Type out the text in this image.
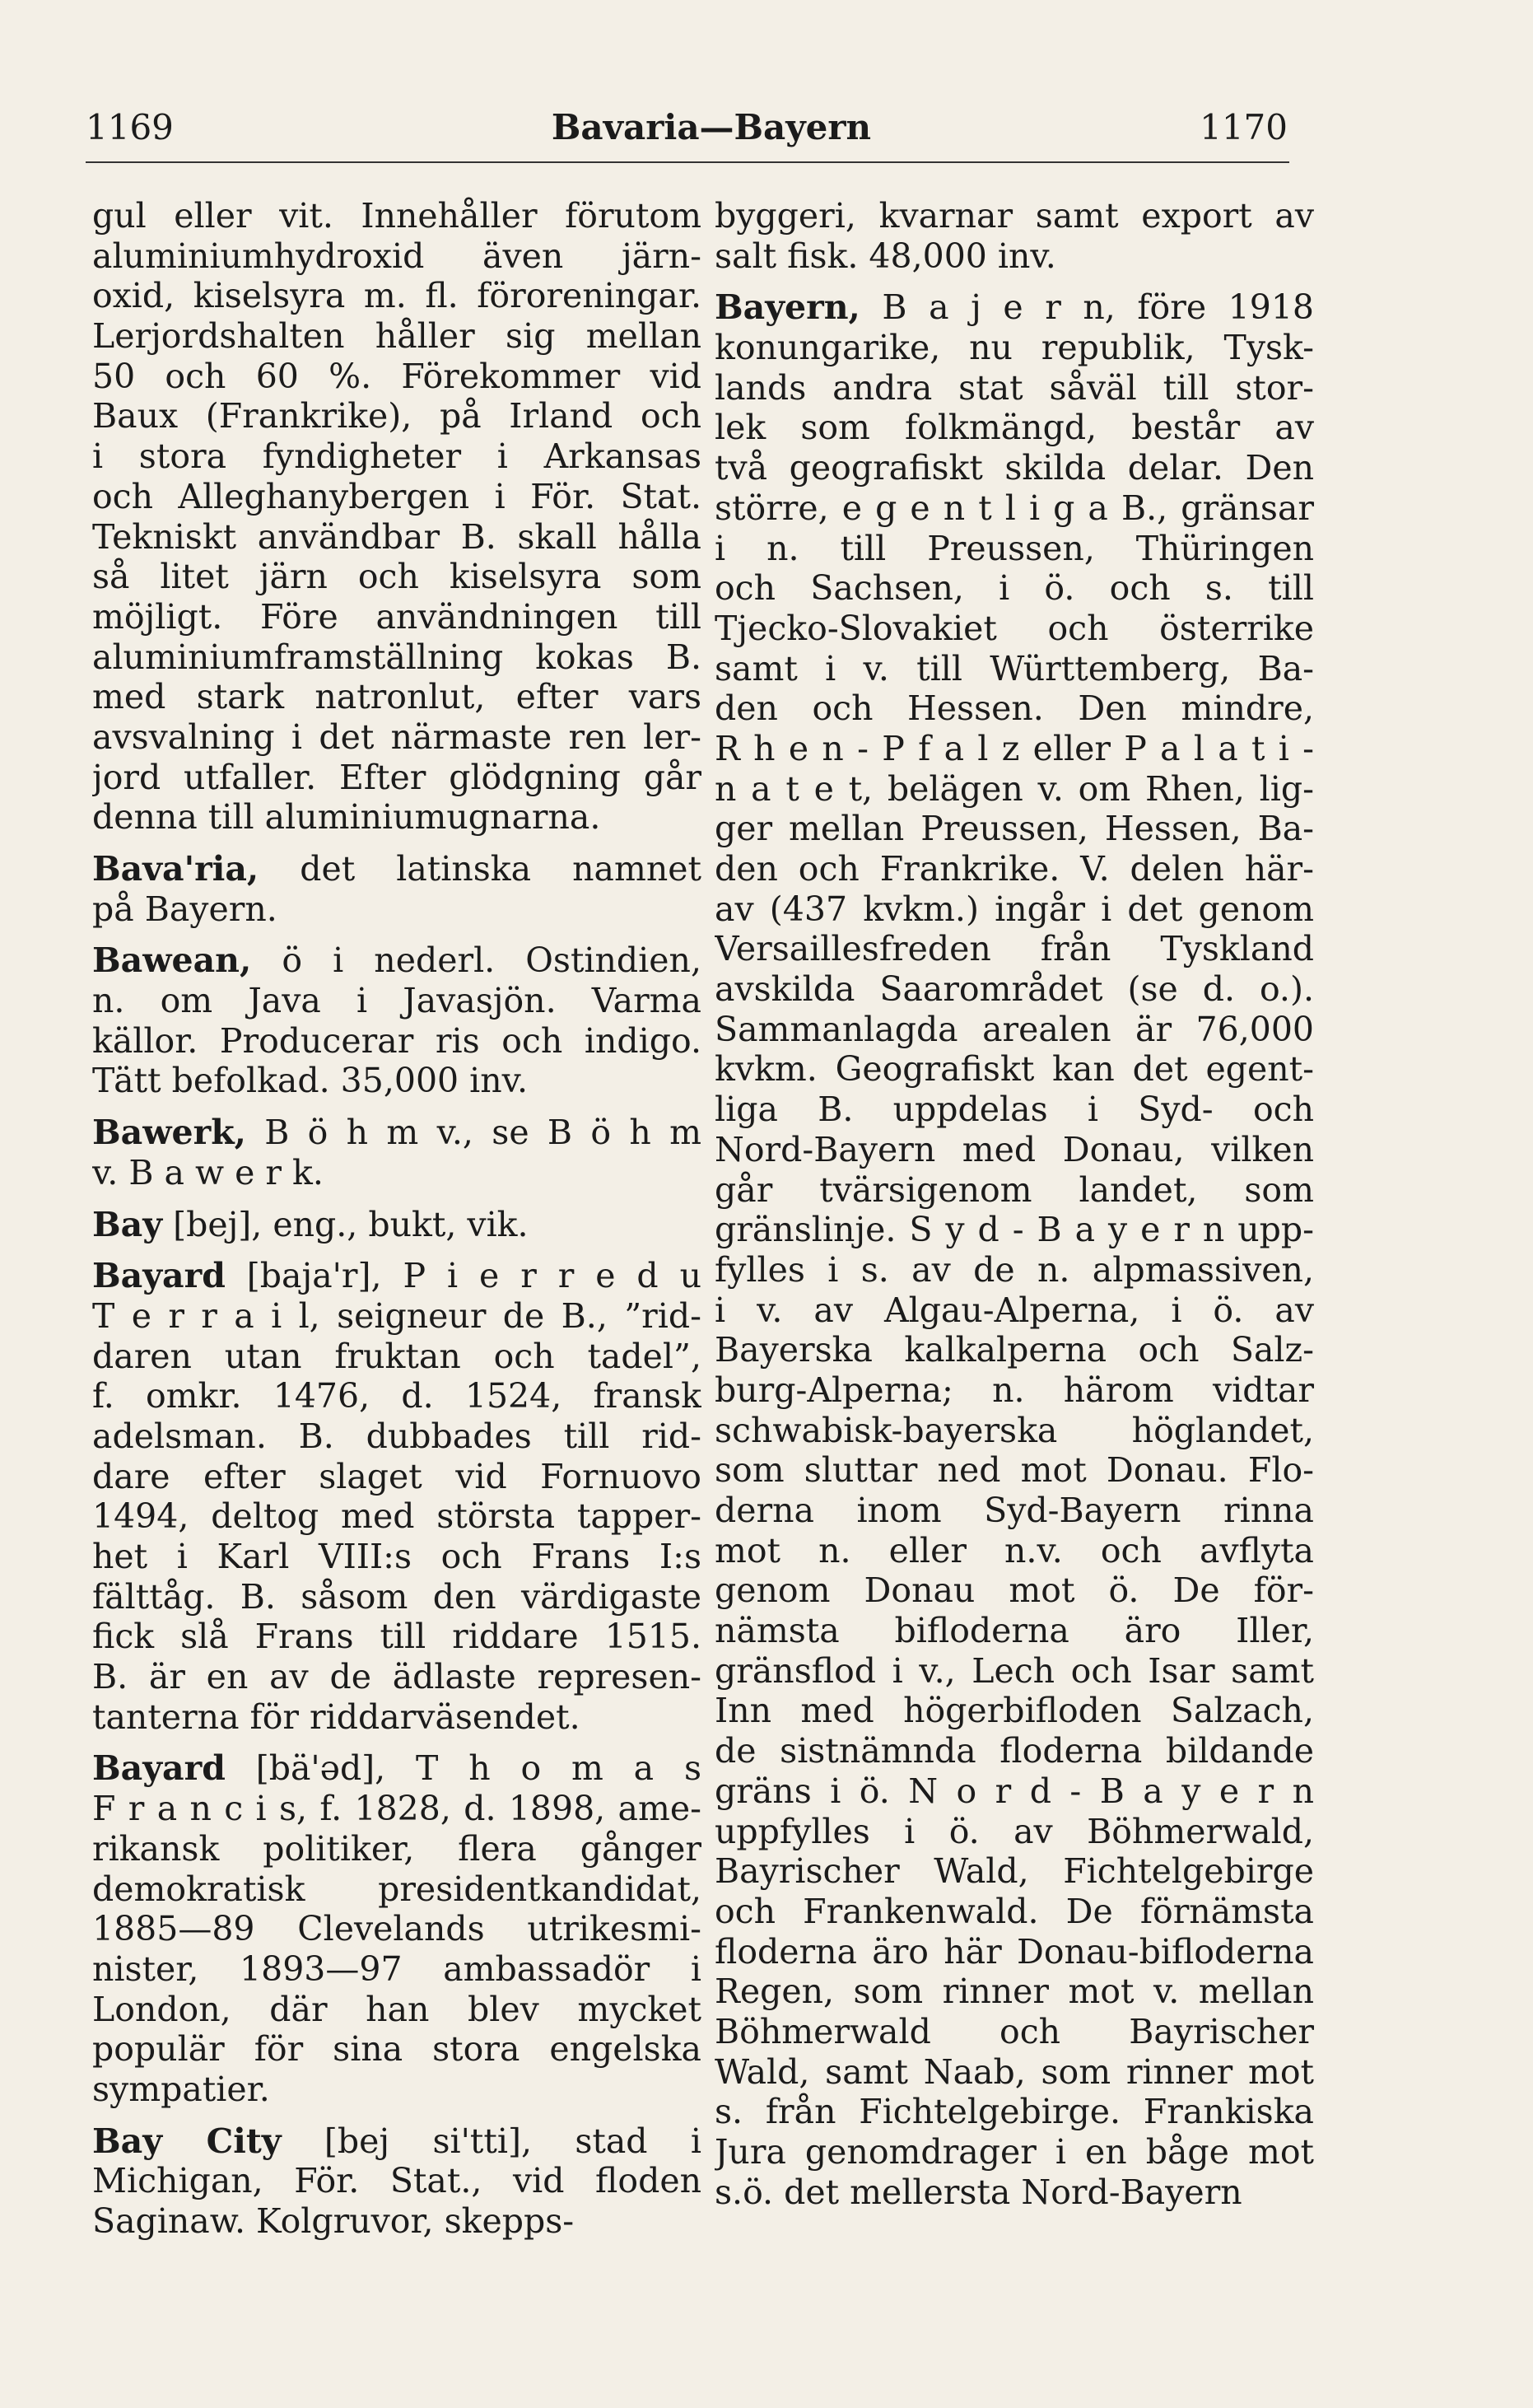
1169	Bavaria—Bayern	1170
gul eller vit. Innehåller förutom
aluminiumhydroxid även järn-
oxid, kiselsyra m. fl. föroreningar.
Lerjordshalten håller sig mellan
50 och 60 %. Förekommer vid
Baux (Frankrike), på Irland och
i stora fyndigheter i Arkansas
och Alleghanybergen i För. Stat.
Tekniskt användbar B. skall hålla
så litet järn och kiselsyra som
möjligt. Före användningen till
aluminiumframställning kokas B.
med stark natronlut, efter vars
avsvalning i det närmaste ren ler-
jord utfaller. Efter glödgning går
denna till aluminiumugnarna.
Bava'ria, det latinska namnet
på Bayern.
Bawean, ö i nederl. Ostindien,
n. om Java i Javasjön. Varma
källor. Producerar ris och indigo.
Tätt befolkad. 35,000 inv.
Bawerk, B ö h m v., se B ö h m
v. B a w e r k.
Bay [bej], eng., bukt, vik.
Bayard [baja'r], P i e r r e d u
T e r r a i l, seigneur de B., ”rid-
daren utan fruktan och tadel”,
f. omkr. 1476, d. 1524, fransk
adelsman. B. dubbades till rid-
dare efter slaget vid Fornuovo
1494, deltog med största tapper-
het i Karl VIII:s och Frans I:s
fälttåg. B. såsom den värdigaste
fick slå Frans till riddare 1515.
B. är en av de ädlaste represen-
tanterna för riddarväsendet.
Bayard [bä'əd], T h o m a s
F r a n c i s, f. 1828, d. 1898, ame-
rikansk politiker, flera gånger
demokratisk presidentkandidat,
1885—89 Clevelands utrikesmi-
nister, 1893—97 ambassadör i
London, där han blev mycket
populär för sina stora engelska
sympatier.
Bay City [bej si'tti], stad i
Michigan, För. Stat., vid floden
Saginaw. Kolgruvor, skepps-
byggeri, kvarnar samt export av
salt fisk. 48,000 inv.
Bayern, B a j e r n, före 1918
konungarike, nu republik, Tysk-
lands andra stat såväl till stor-
lek som folkmängd, består av
två geografiskt skilda delar. Den
större, e g e n t l i g a B., gränsar
i n. till Preussen, Thüringen
och Sachsen, i ö. och s. till
Tjecko-Slovakiet och österrike
samt i v. till Württemberg, Ba-
den och Hessen. Den mindre,
R h e n - P f a l z eller P a l a t i -
n a t e t, belägen v. om Rhen, lig-
ger mellan Preussen, Hessen, Ba-
den och Frankrike. V. delen här-
av (437 kvkm.) ingår i det genom
Versaillesfreden från Tyskland
avskilda Saarområdet (se d. o.).
Sammanlagda arealen är 76,000
kvkm. Geografiskt kan det egent-
liga B. uppdelas i Syd- och
Nord-Bayern med Donau, vilken
går tvärsigenom landet, som
gränslinje. S y d - B a y e r n upp-
fylles i s. av de n. alpmassiven,
i v. av Algau-Alperna, i ö. av
Bayerska kalkalperna och Salz-
burg-Alperna; n. härom vidtar
schwabisk-bayerska höglandet,
som sluttar ned mot Donau. Flo-
derna inom Syd-Bayern rinna
mot n. eller n.v. och avflyta
genom Donau mot ö. De för-
nämsta bifloderna äro Iller,
gränsflod i v., Lech och Isar samt
Inn med högerbifloden Salzach,
de sistnämnda floderna bildande
gräns i ö. N o r d - B a y e r n
uppfylles i ö. av Böhmerwald,
Bayrischer Wald, Fichtelgebirge
och Frankenwald. De förnämsta
floderna äro här Donau-bifloderna
Regen, som rinner mot v. mellan
Böhmerwald och Bayrischer
Wald, samt Naab, som rinner mot
s. från Fichtelgebirge. Frankiska
Jura genomdrager i en båge mot
s.ö. det mellersta Nord-Bayern
